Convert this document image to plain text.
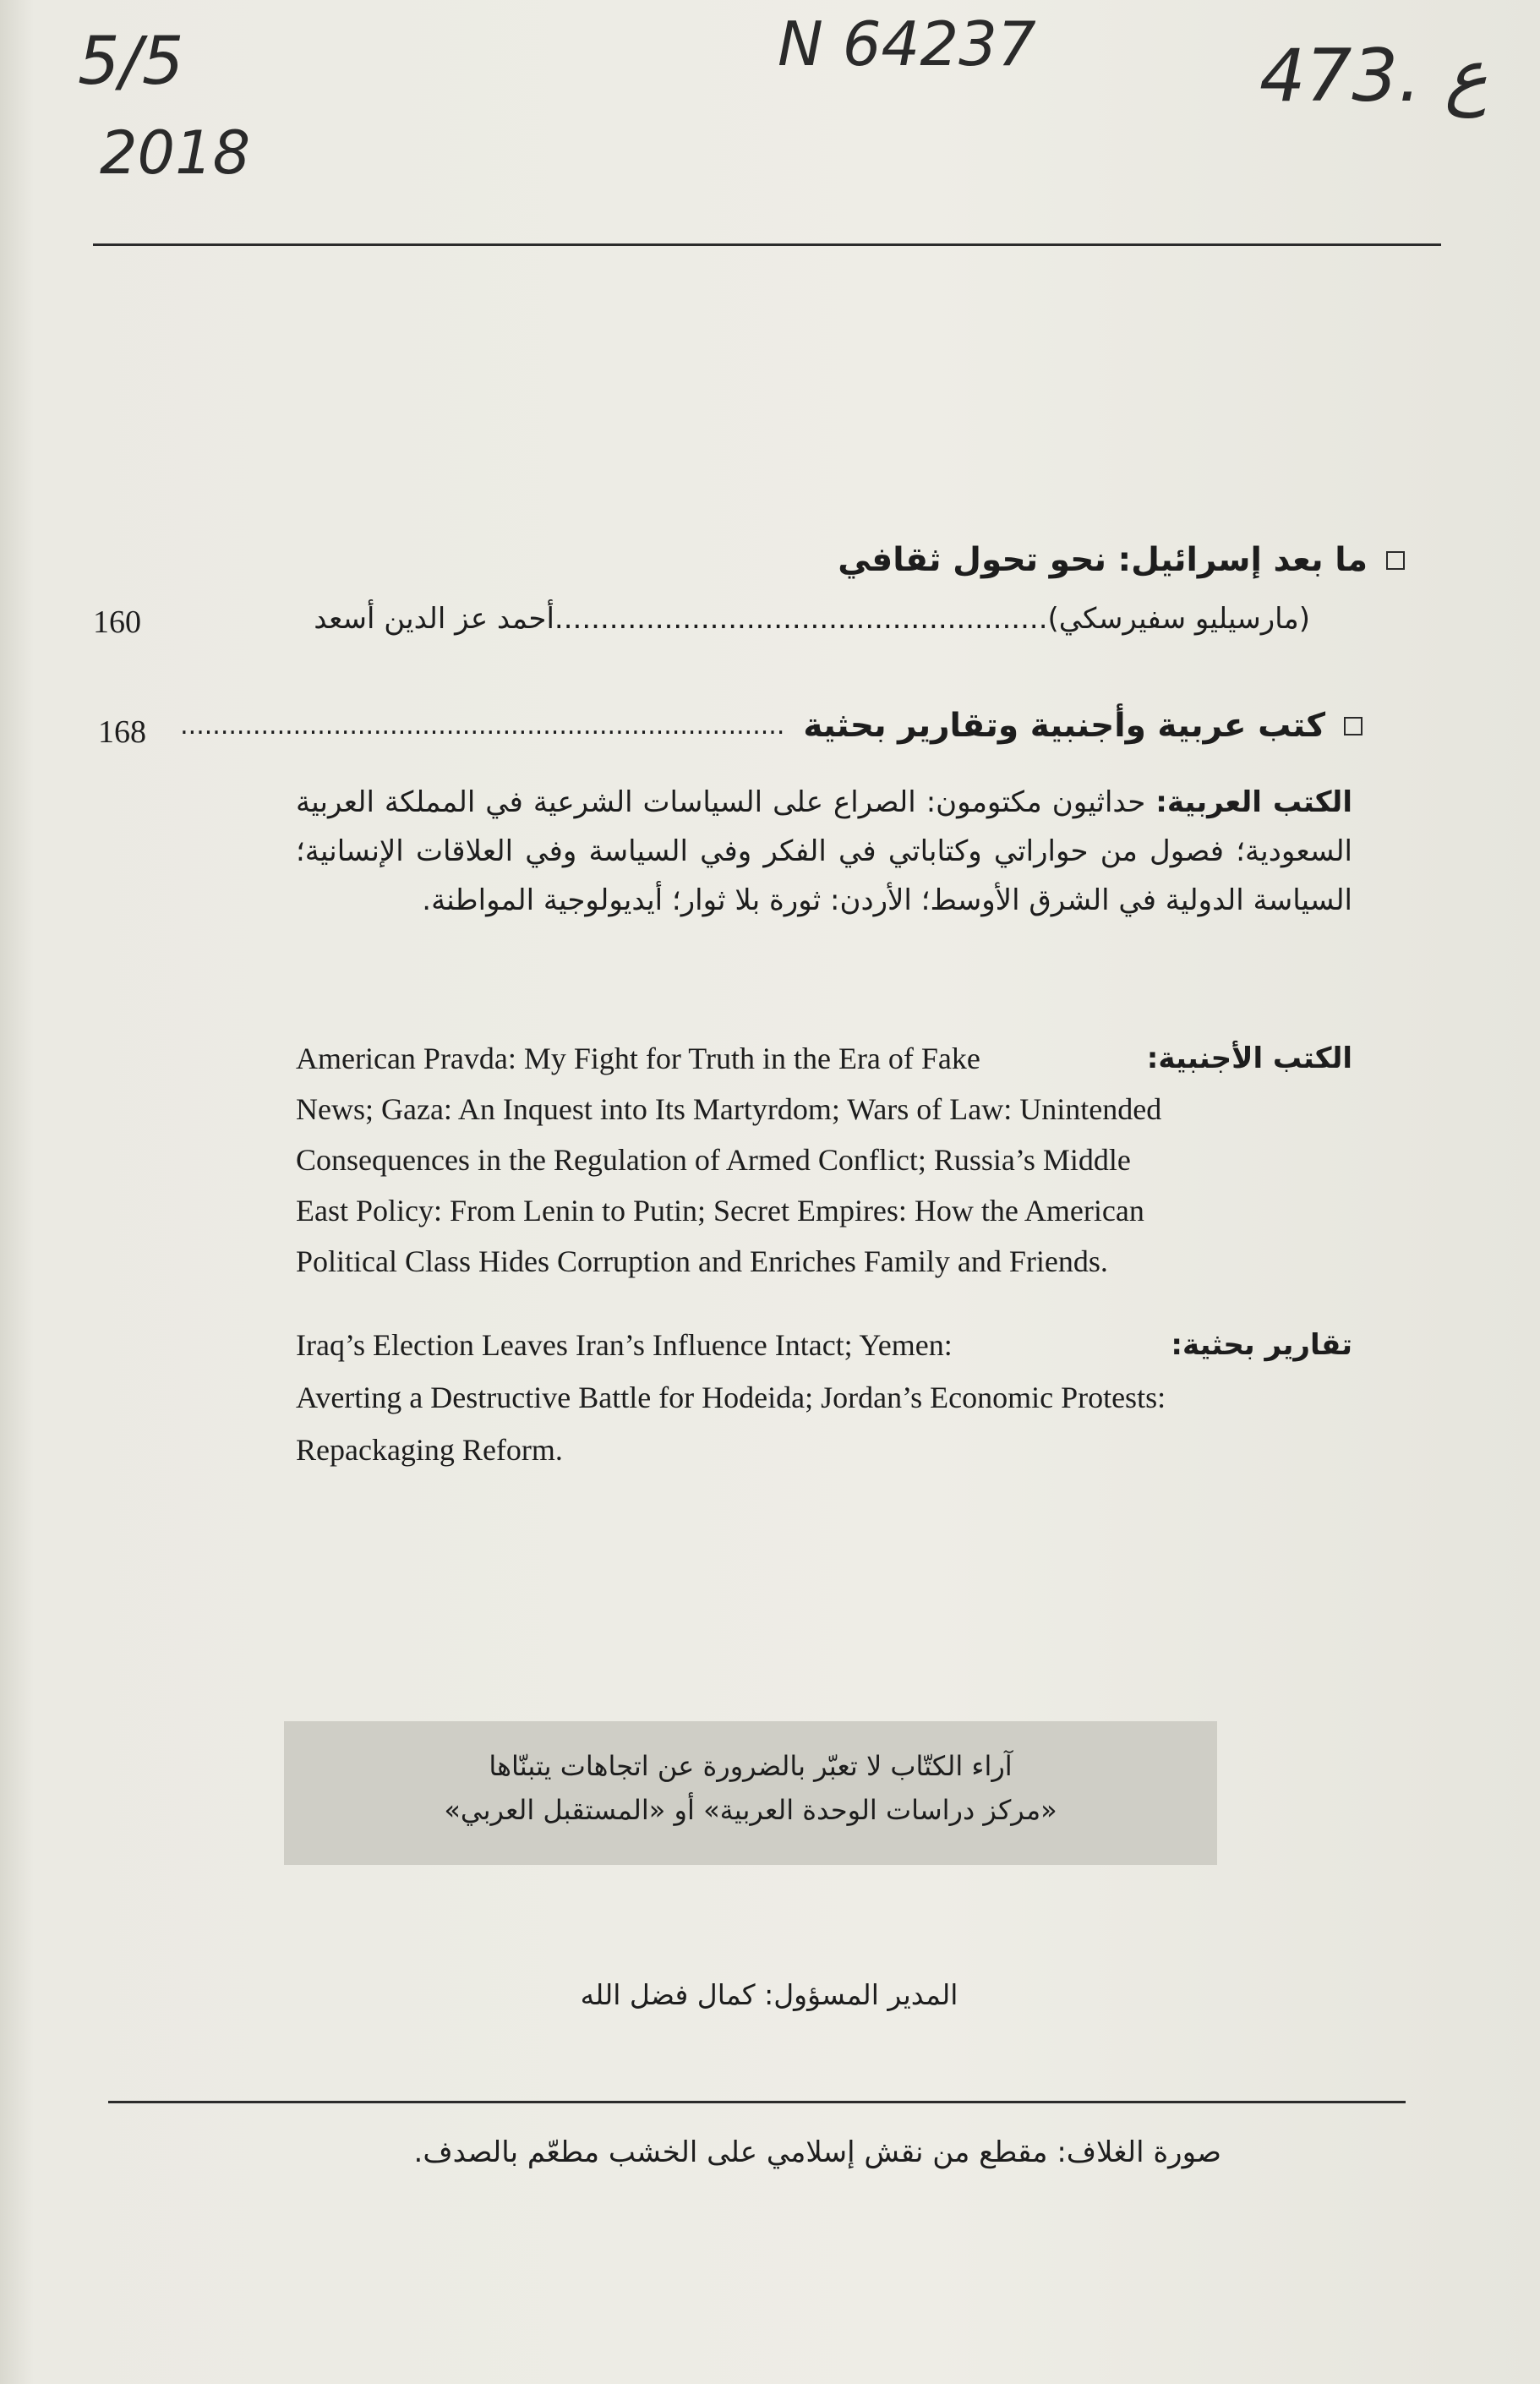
5/5
2018
N 64237	473. ع
ما بعد إسرائيل: نحو تحول ثقافي
160	(مارسيليو سفيرسكي)......................................................أحمد عز الدين أسعد
168	كتب عربية وأجنبية وتقارير بحثية
...........................................................................
الكتب العربية: حداثيون مكتومون: الصراع على السياسات الشرعية في المملكة العربية السعودية؛ فصول من حواراتي وكتاباتي في الفكر وفي السياسة وفي العلاقات الإنسانية؛ السياسة الدولية في الشرق الأوسط؛ الأردن: ثورة بلا ثوار؛ أيديولوجية المواطنة.
American Pravda: My Fight for Truth in the Era of Fake	الكتب الأجنبية:
News; Gaza: An Inquest into Its Martyrdom; Wars of Law: Unintended
Consequences in the Regulation of Armed Conflict; Russia’s Middle
East Policy: From Lenin to Putin; Secret Empires: How the American
Political Class Hides Corruption and Enriches Family and Friends.
Iraq’s Election Leaves Iran’s Influence Intact; Yemen:	تقارير بحثية:
Averting a Destructive Battle for Hodeida; Jordan’s Economic Protests:
Repackaging Reform.
آراء الكتّاب لا تعبّر بالضرورة عن اتجاهات يتبنّاها
«مركز دراسات الوحدة العربية» أو «المستقبل العربي»
المدير المسؤول: كمال فضل الله
صورة الغلاف: مقطع من نقش إسلامي على الخشب مطعّم بالصدف.
